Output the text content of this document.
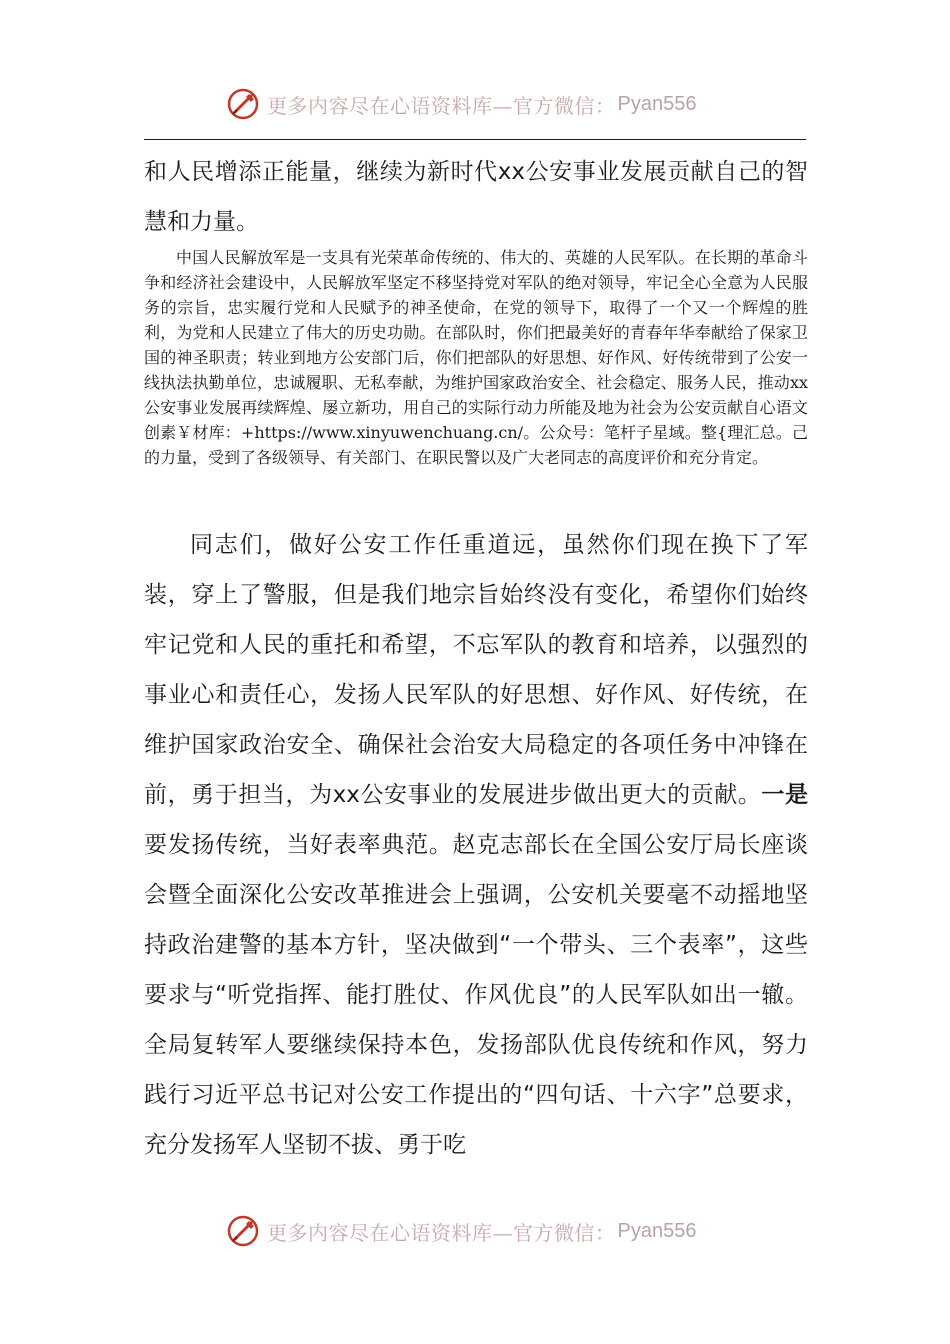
更多内容尽在心语资料库—官方微信： Pyan556

和人民增添正能量，继续为新时代xx公安事业发展贡献自己的智慧和力量。

中国人民解放军是一支具有光荣革命传统的、伟大的、英雄的人民军队。在长期的革命斗争和经济社会建设中，人民解放军坚定不移坚持党对军队的绝对领导，牢记全心全意为人民服务的宗旨，忠实履行党和人民赋予的神圣使命，在党的领导下，取得了一个又一个辉煌的胜利，为党和人民建立了伟大的历史功勋。在部队时，你们把最美好的青春年华奉献给了保家卫国的神圣职责；转业到地方公安部门后，你们把部队的好思想、好作风、好传统带到了公安一线执法执勤单位，忠诚履职、无私奉献，为维护国家政治安全、社会稳定、服务人民，推动xx公安事业发展再续辉煌、屡立新功，用自己的实际行动力所能及地为社会为公安贡献自心语文创素￥材库：+https://www.xinyuwenchuang.cn/。公众号：笔杆子星域。整{理汇总。己的力量，受到了各级领导、有关部门、在职民警以及广大老同志的高度评价和充分肯定。

同志们，做好公安工作任重道远，虽然你们现在换下了军装，穿上了警服，但是我们地宗旨始终没有变化，希望你们始终牢记党和人民的重托和希望，不忘军队的教育和培养，以强烈的事业心和责任心，发扬人民军队的好思想、好作风、好传统，在维护国家政治安全、确保社会治安大局稳定的各项任务中冲锋在前，勇于担当，为xx公安事业的发展进步做出更大的贡献。一是要发扬传统，当好表率典范。赵克志部长在全国公安厅局长座谈会暨全面深化公安改革推进会上强调，公安机关要毫不动摇地坚持政治建警的基本方针，坚决做到“一个带头、三个表率”，这些要求与“听党指挥、能打胜仗、作风优良”的人民军队如出一辙。全局复转军人要继续保持本色，发扬部队优良传统和作风，努力践行习近平总书记对公安工作提出的“四句话、十六字”总要求，充分发扬军人坚韧不拔、勇于吃

更多内容尽在心语资料库—官方微信： Pyan556
